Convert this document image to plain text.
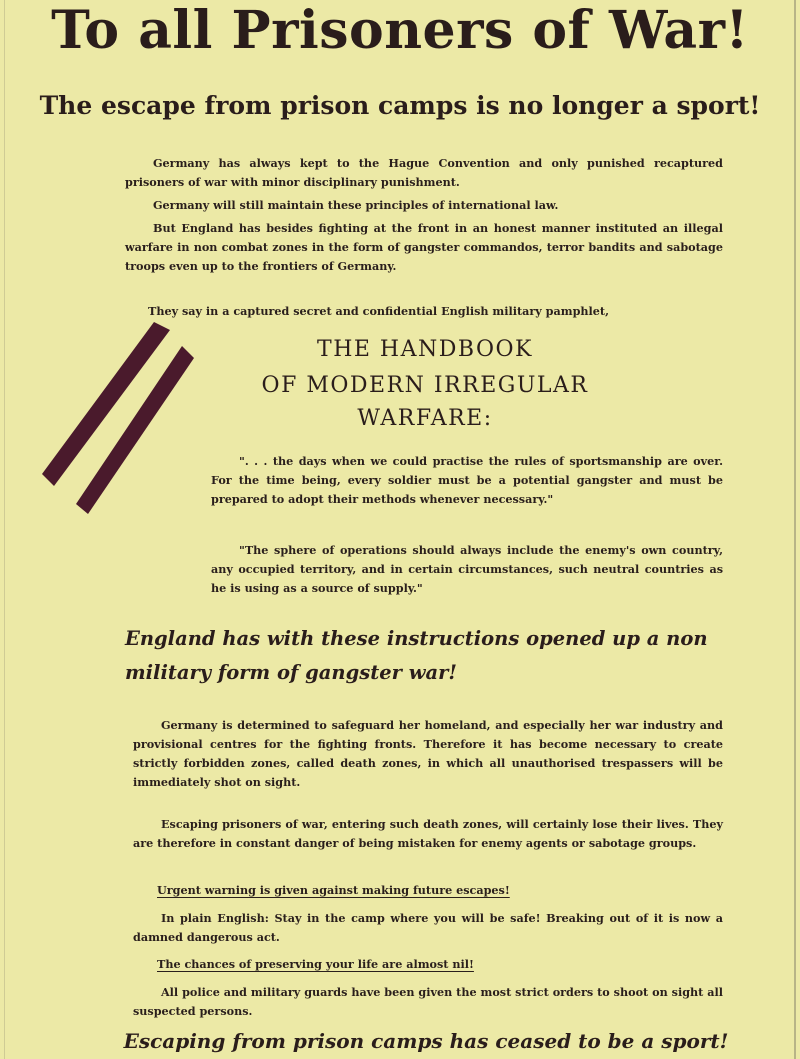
To all Prisoners of War!
The escape from prison camps is no longer a sport!

Germany has always kept to the Hague Convention and only punished recaptured prisoners of war with minor disciplinary punishment.

Germany will still maintain these principles of international law.

But England has besides fighting at the front in an honest manner instituted an illegal warfare in non combat zones in the form of gangster commandos, terror bandits and sabotage troops even up to the frontiers of Germany.

They say in a captured secret and confidential English military pamphlet,

THE HANDBOOK

OF MODERN IRREGULAR

WARFARE:

". . . the days when we could practise the rules of sportsmanship are over. For the time being, every soldier must be a potential gangster and must be prepared to adopt their methods whenever necessary."

"The sphere of operations should always include the enemy's own country, any occupied territory, and in certain circumstances, such neutral countries as he is using as a source of supply."

England has with these instructions opened up a non military form of gangster war!

Germany is determined to safeguard her homeland, and especially her war industry and provisional centres for the fighting fronts. Therefore it has become necessary to create strictly forbidden zones, called death zones, in which all unauthorised trespassers will be immediately shot on sight.

Escaping prisoners of war, entering such death zones, will certainly lose their lives. They are therefore in constant danger of being mistaken for enemy agents or sabotage groups.

Urgent warning is given against making future escapes!

In plain English: Stay in the camp where you will be safe! Breaking out of it is now a damned dangerous act.

The chances of preserving your life are almost nil!

All police and military guards have been given the most strict orders to shoot on sight all suspected persons.

Escaping from prison camps has ceased to be a sport!
